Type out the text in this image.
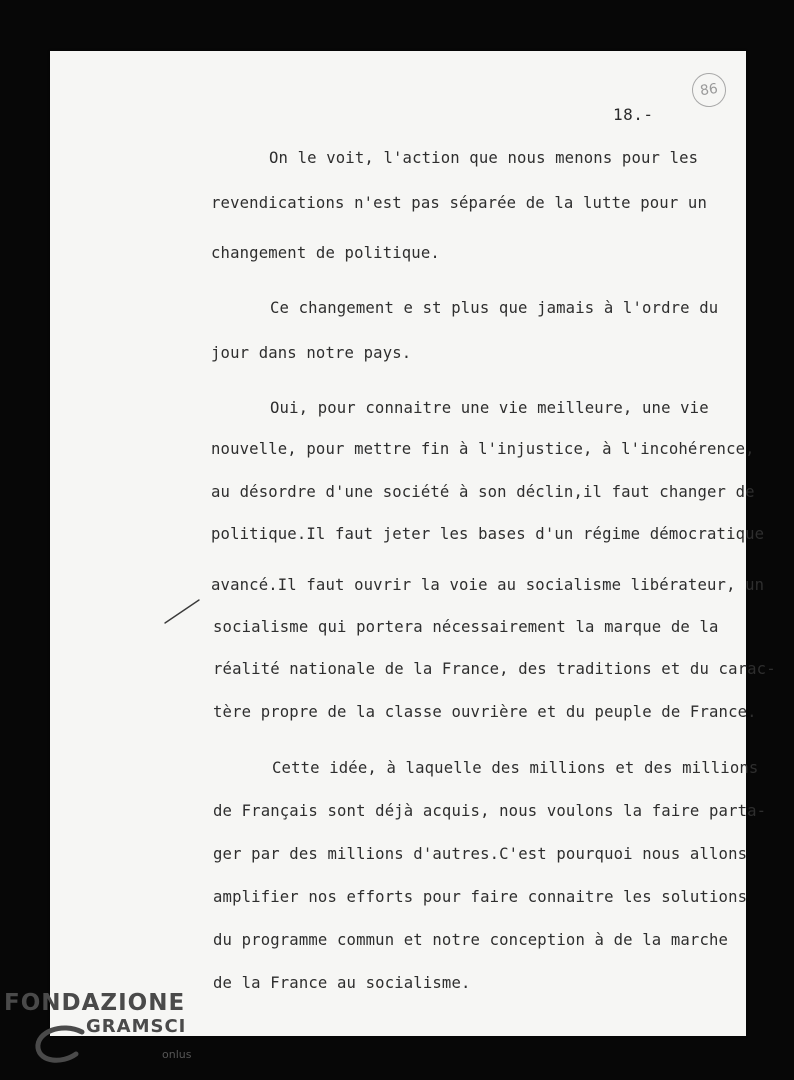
86
18.-
On le voit, l'action que nous menons pour les
revendications n'est pas séparée de la lutte pour un
changement de politique.
Ce changement e st plus que jamais à l'ordre du
jour dans notre pays.
Oui, pour connaitre une vie meilleure, une vie
nouvelle, pour mettre fin à l'injustice, à l'incohérence,
au désordre d'une société à son déclin,il faut changer de
politique.Il faut jeter les bases d'un régime démocratique
avancé.Il faut ouvrir la voie au socialisme libérateur, un
socialisme qui portera nécessairement la marque de la
réalité nationale de la France, des traditions et du carac-
tère propre de la classe ouvrière et du peuple de France.
Cette idée, à laquelle des millions et des millions
de Français sont déjà acquis, nous voulons la faire parta-
ger par des millions d'autres.C'est pourquoi nous allons
amplifier nos efforts pour faire connaitre les solutions
du programme commun et notre conception à de la marche
de la France au socialisme.
FONDAZIONE
GRAMSCI
onlus
